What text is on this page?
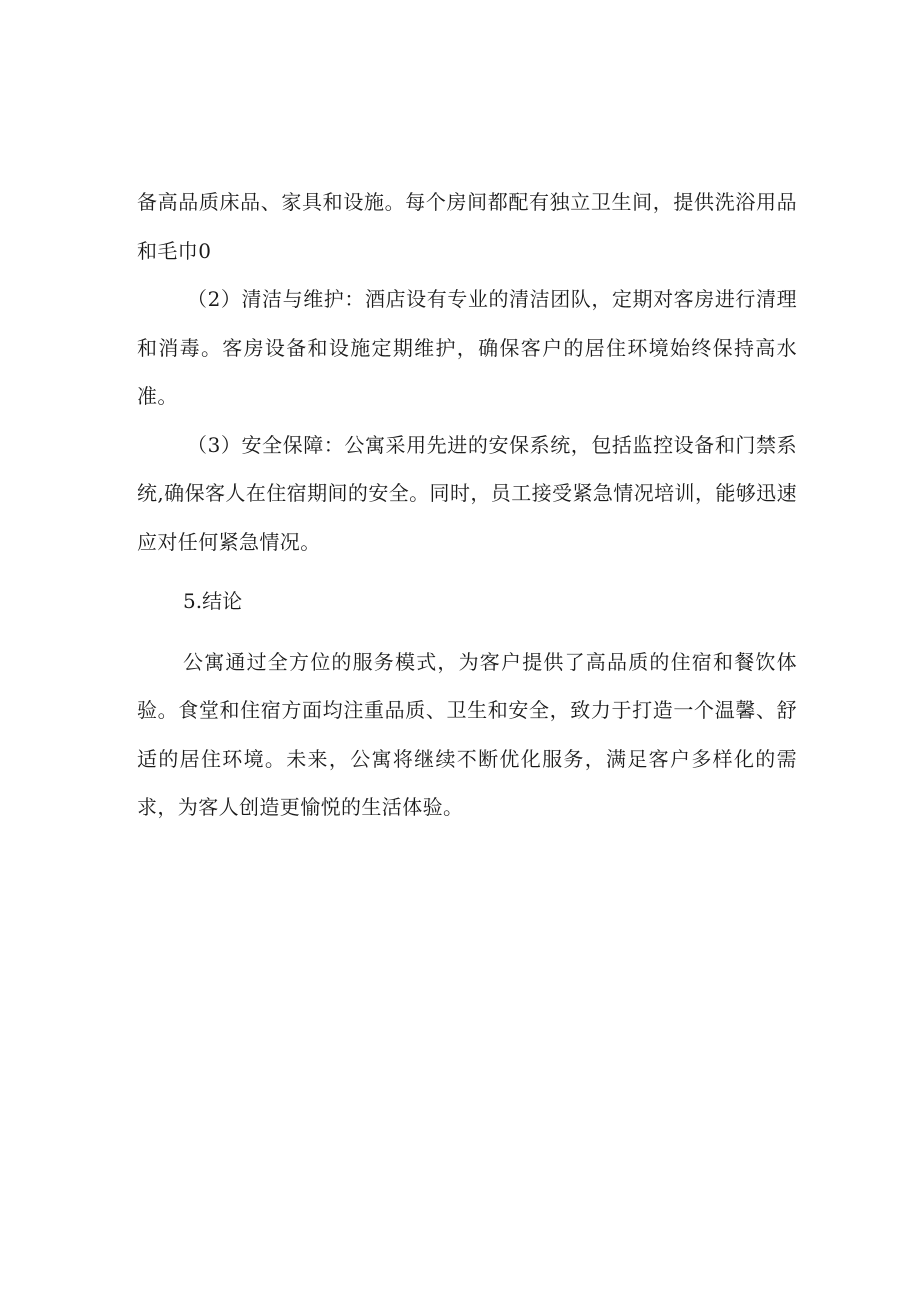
备高品质床品、家具和设施。每个房间都配有独立卫生间，提供洗浴用品和毛巾0

（2）清洁与维护：酒店设有专业的清洁团队，定期对客房进行清理和消毒。客房设备和设施定期维护，确保客户的居住环境始终保持高水准。

（3）安全保障：公寓采用先进的安保系统，包括监控设备和门禁系统,确保客人在住宿期间的安全。同时，员工接受紧急情况培训，能够迅速应对任何紧急情况。

5.结论

公寓通过全方位的服务模式，为客户提供了高品质的住宿和餐饮体验。食堂和住宿方面均注重品质、卫生和安全，致力于打造一个温馨、舒适的居住环境。未来，公寓将继续不断优化服务，满足客户多样化的需求，为客人创造更愉悦的生活体验。
